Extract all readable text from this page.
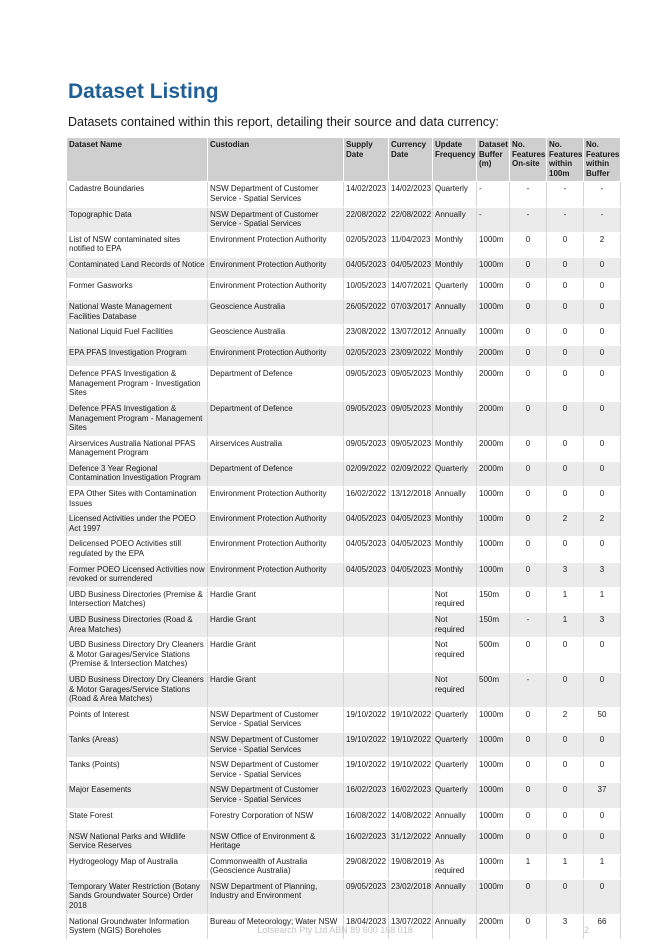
Dataset Listing

Datasets contained within this report, detailing their source and data currency:

Dataset Name	Custodian	Supply Date	Currency Date	Update Frequency	Dataset Buffer (m)	No. Features On-site	No. Features within 100m	No. Features within Buffer
Cadastre Boundaries	NSW Department of Customer Service - Spatial Services	14/02/2023	14/02/2023	Quarterly	-	-	-	-
Topographic Data	NSW Department of Customer Service - Spatial Services	22/08/2022	22/08/2022	Annually	-	-	-	-
List of NSW contaminated sites notified to EPA	Environment Protection Authority	02/05/2023	11/04/2023	Monthly	1000m	0	0	2
Contaminated Land Records of Notice	Environment Protection Authority	04/05/2023	04/05/2023	Monthly	1000m	0	0	0
Former Gasworks	Environment Protection Authority	10/05/2023	14/07/2021	Quarterly	1000m	0	0	0
National Waste Management Facilities Database	Geoscience Australia	26/05/2022	07/03/2017	Annually	1000m	0	0	0
National Liquid Fuel Facilities	Geoscience Australia	23/08/2022	13/07/2012	Annually	1000m	0	0	0
EPA PFAS Investigation Program	Environment Protection Authority	02/05/2023	23/09/2022	Monthly	2000m	0	0	0
Defence PFAS Investigation & Management Program - Investigation Sites	Department of Defence	09/05/2023	09/05/2023	Monthly	2000m	0	0	0
Defence PFAS Investigation & Management Program - Management Sites	Department of Defence	09/05/2023	09/05/2023	Monthly	2000m	0	0	0
Airservices Australia National PFAS Management Program	Airservices Australia	09/05/2023	09/05/2023	Monthly	2000m	0	0	0
Defence 3 Year Regional Contamination Investigation Program	Department of Defence	02/09/2022	02/09/2022	Quarterly	2000m	0	0	0
EPA Other Sites with Contamination Issues	Environment Protection Authority	16/02/2022	13/12/2018	Annually	1000m	0	0	0
Licensed Activities under the POEO Act 1997	Environment Protection Authority	04/05/2023	04/05/2023	Monthly	1000m	0	2	2
Delicensed POEO Activities still regulated by the EPA	Environment Protection Authority	04/05/2023	04/05/2023	Monthly	1000m	0	0	0
Former POEO Licensed Activities now revoked or surrendered	Environment Protection Authority	04/05/2023	04/05/2023	Monthly	1000m	0	3	3
UBD Business Directories (Premise & Intersection Matches)	Hardie Grant			Not required	150m	0	1	1
UBD Business Directories (Road & Area Matches)	Hardie Grant			Not required	150m	-	1	3
UBD Business Directory Dry Cleaners & Motor Garages/Service Stations (Premise & Intersection Matches)	Hardie Grant			Not required	500m	0	0	0
UBD Business Directory Dry Cleaners & Motor Garages/Service Stations (Road & Area Matches)	Hardie Grant			Not required	500m	-	0	0
Points of Interest	NSW Department of Customer Service - Spatial Services	19/10/2022	19/10/2022	Quarterly	1000m	0	2	50
Tanks (Areas)	NSW Department of Customer Service - Spatial Services	19/10/2022	19/10/2022	Quarterly	1000m	0	0	0
Tanks (Points)	NSW Department of Customer Service - Spatial Services	19/10/2022	19/10/2022	Quarterly	1000m	0	0	0
Major Easements	NSW Department of Customer Service - Spatial Services	16/02/2023	16/02/2023	Quarterly	1000m	0	0	37
State Forest	Forestry Corporation of NSW	16/08/2022	14/08/2022	Annually	1000m	0	0	0
NSW National Parks and Wildlife Service Reserves	NSW Office of Environment & Heritage	16/02/2023	31/12/2022	Annually	1000m	0	0	0
Hydrogeology Map of Australia	Commonwealth of Australia (Geoscience Australia)	29/08/2022	19/08/2019	As required	1000m	1	1	1
Temporary Water Restriction (Botany Sands Groundwater Source) Order 2018	NSW Department of Planning, Industry and Environment	09/05/2023	23/02/2018	Annually	1000m	0	0	0
National Groundwater Information System (NGIS) Boreholes	Bureau of Meteorology; Water NSW	18/04/2023	13/07/2022	Annually	2000m	0	3	66
Lotsearch Pty Ltd ABN 89 600 168 018	2
